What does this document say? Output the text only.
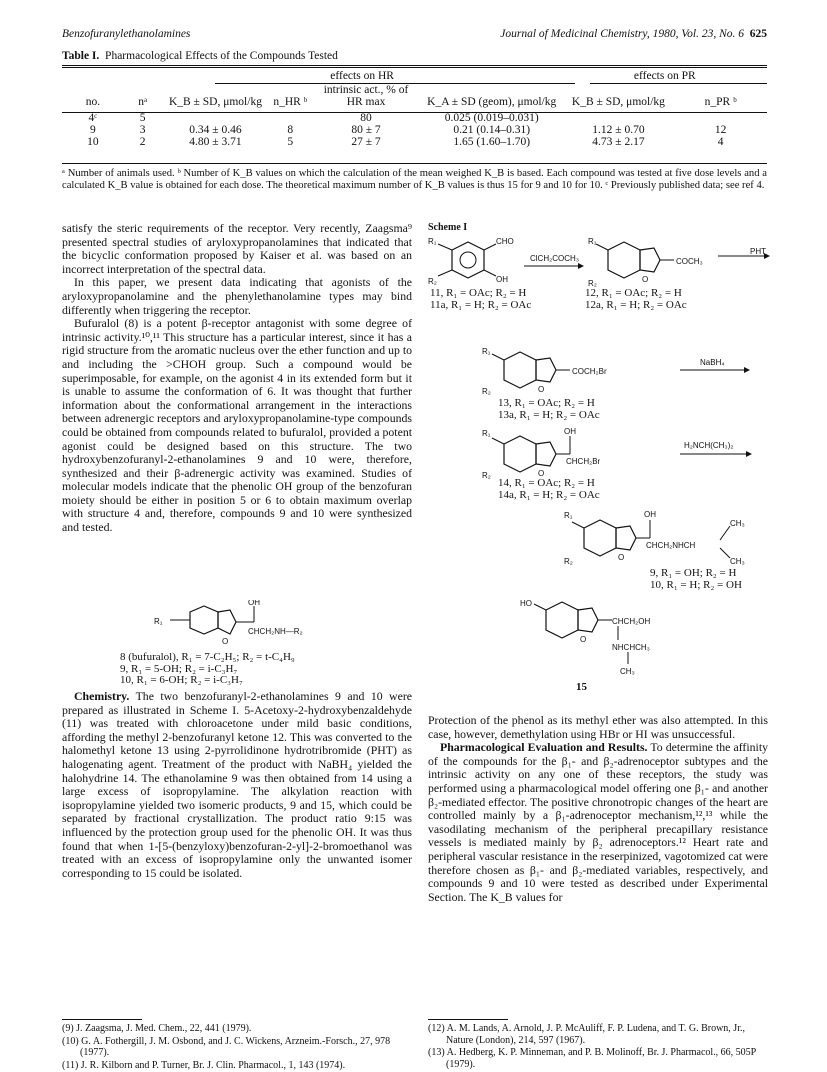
Benzofuranylethanolamines	Journal of Medicinal Chemistry, 1980, Vol. 23, No. 6 625
Table I. Pharmacological Effects of the Compounds Tested
		effects on HR				effects on PR	
no.	nᵃ	K_B ± SD, μmol/kg	n_HR ᵇ	intrinsic act., % of HR max	K_A ± SD (geom), μmol/kg	K_B ± SD, μmol/kg	n_PR ᵇ

4ᶜ	5			80	0.025 (0.019–0.031)		
9	3	0.34 ± 0.46	8	80 ± 7	0.21 (0.14–0.31)	1.12 ± 0.70	12
10	2	4.80 ± 3.71	5	27 ± 7	1.65 (1.60–1.70)	4.73 ± 2.17	4
ᵃ Number of animals used. ᵇ Number of K_B values on which the calculation of the mean weighed K_B is based. Each compound was tested at five dose levels and a calculated K_B value is obtained for each dose. The theoretical maximum number of K_B values is thus 15 for 9 and 10 for 10. ᶜ Previously published data; see ref 4.

satisfy the steric requirements of the receptor. Very recently, Zaagsma⁹ presented spectral studies of aryloxypropanolamines that indicated that the bicyclic conformation proposed by Kaiser et al. was based on an incorrect interpretation of the spectral data.

In this paper, we present data indicating that agonists of the aryloxypropanolamine and the phenylethanolamine types may bind differently when triggering the receptor.

Bufuralol (8) is a potent β-receptor antagonist with some degree of intrinsic activity.¹⁰,¹¹ This structure has a particular interest, since it has a rigid structure from the aromatic nucleus over the ether function and up to and including the >CHOH group. Such a compound would be superimposable, for example, on the agonist 4 in its extended form but it is unable to assume the conformation of 6. It was thought that further information about the conformational arrangement in the interactions between adrenergic receptors and aryloxypropanolamine-type compounds could be obtained from compounds related to bufuralol, provided a potent agonist could be designed based on this structure. The two hydroxybenzofuranyl-2-ethanolamines 9 and 10 were, therefore, synthesized and their β-adrenergic activity was examined. Studies of molecular models indicate that the phenolic OH group of the benzofuran moiety should be either in position 5 or 6 to obtain maximum overlap with structure 4 and, therefore, compounds 9 and 10 were synthesized and tested.

R₁
OH
CHCH₂NH—R₂
O
8 (bufuralol), R₁ = 7-C₂H₅; R₂ = t-C₄H₉
9, R₁ = 5-OH; R₂ = i-C₃H₇
10, R₁ = 6-OH; R₂ = i-C₃H₇

Chemistry. The two benzofuranyl-2-ethanolamines 9 and 10 were prepared as illustrated in Scheme I. 5-Acetoxy-2-hydroxybenzaldehyde (11) was treated with chloroacetone under mild basic conditions, affording the methyl 2-benzofuranyl ketone 12. This was converted to the halomethyl ketone 13 using 2-pyrrolidinone hydrotribromide (PHT) as halogenating agent. Treatment of the product with NaBH₄ yielded the halohydrine 14. The ethanolamine 9 was then obtained from 14 using a large excess of isopropylamine. The alkylation reaction with isopropylamine yielded two isomeric products, 9 and 15, which could be separated by fractional crystallization. The product ratio 9:15 was influenced by the protection group used for the phenolic OH. It was thus found that when 1-[5-(benzyloxy)benzofuran-2-yl]-2-bromoethanol was treated with an excess of isopropylamine only the unwanted isomer corresponding to 15 could be isolated.

(9) J. Zaagsma, J. Med. Chem., 22, 441 (1979).
(10) G. A. Fothergill, J. M. Osbond, and J. C. Wickens, Arzneim.-Forsch., 27, 978 (1977).
(11) J. R. Kilborn and P. Turner, Br. J. Clin. Pharmacol., 1, 143 (1974).
Scheme I
R₁
R₂
CHO
OH
R₁
R₂
COCH₃
O
ClCH₂COCH₃
PHT
11, R₁ = OAc; R₂ = H
11a, R₁ = H; R₂ = OAc
12, R₁ = OAc; R₂ = H
12a, R₁ = H; R₂ = OAc
R₁
R₂
COCH₂Br
O
NaBH₄
13, R₁ = OAc; R₂ = H
13a, R₁ = H; R₂ = OAc
R₁
R₂
OH
CHCH₂Br
O
H₂NCH(CH₃)₂
14, R₁ = OAc; R₂ = H
14a, R₁ = H; R₂ = OAc
R₁
R₂
OH
CHCH₂NHCH
CH₃
CH₃
O
9, R₁ = OH; R₂ = H
10, R₁ = H; R₂ = OH
HO
CHCH₂OH
NHCHCH₃
CH₃
O
15

Protection of the phenol as its methyl ether was also attempted. In this case, however, demethylation using HBr or HI was unsuccessful.

Pharmacological Evaluation and Results. To determine the affinity of the compounds for the β₁- and β₂-adrenoceptor subtypes and the intrinsic activity on any one of these receptors, the study was performed using a pharmacological model offering one β₁- and another β₂-mediated effector. The positive chronotropic changes of the heart are controlled mainly by a β₁-adrenoceptor mechanism,¹²,¹³ while the vasodilating mechanism of the peripheral precapillary resistance vessels is mediated mainly by β₂ adrenoceptors.¹² Heart rate and peripheral vascular resistance in the reserpinized, vagotomized cat were therefore chosen as β₁- and β₂-mediated variables, respectively, and compounds 9 and 10 were tested as described under Experimental Section. The K_B values for

(12) A. M. Lands, A. Arnold, J. P. McAuliff, F. P. Ludena, and T. G. Brown, Jr., Nature (London), 214, 597 (1967).
(13) A. Hedberg, K. P. Minneman, and P. B. Molinoff, Br. J. Pharmacol., 66, 505P (1979).
